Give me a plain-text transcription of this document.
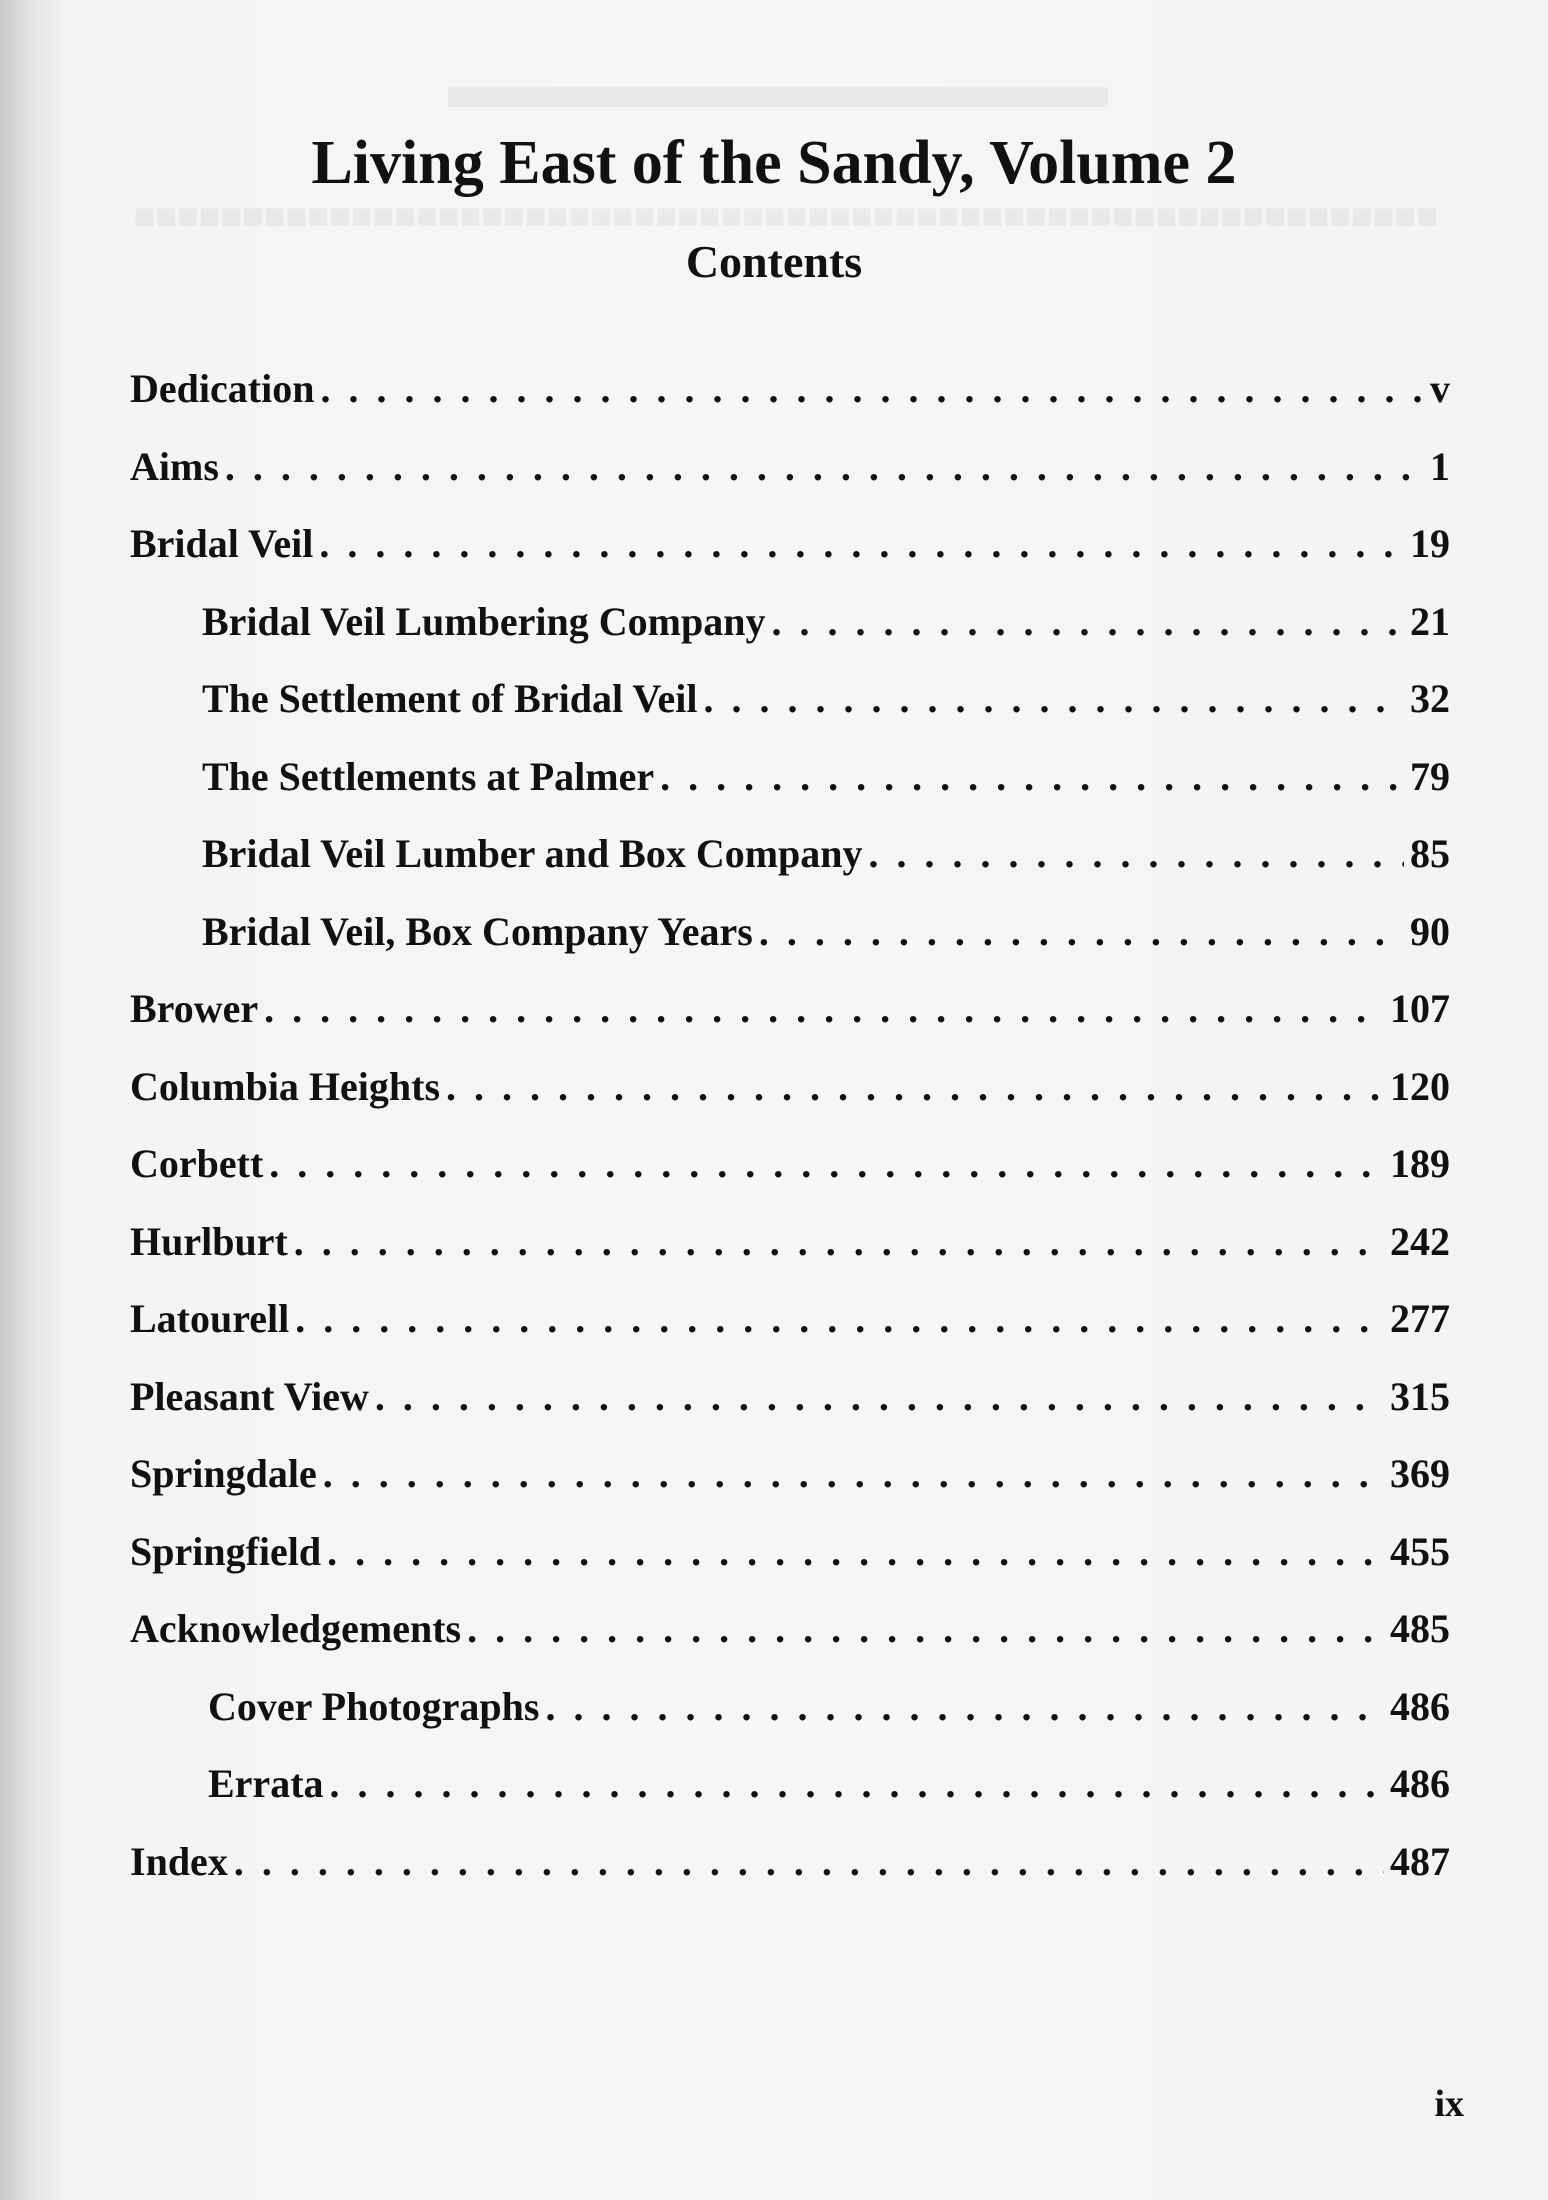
▬▬▬▬▬▬▬▬▬▬
■■■■■■■■■■■■■■■■■■■■■■■■■■■■■■■■■■■■■■■■■■■■■■■■■■■■■■■■■■■■
Living East of the Sandy, Volume 2
Contents
Dedication . . .	v
Aims . . .	1
Bridal Veil . . .	19
Bridal Veil Lumbering Company . . .	21
The Settlement of Bridal Veil . . .	32
The Settlements at Palmer . . .	79
Bridal Veil Lumber and Box Company . . .	85
Bridal Veil, Box Company Years . . .	90
Brower . . .	107
Columbia Heights . . .	120
Corbett . . .	189
Hurlburt . . .	242
Latourell . . .	277
Pleasant View . . .	315
Springdale . . .	369
Springfield . . .	455
Acknowledgements . . .	485
Cover Photographs . . .	486
Errata . . .	486
Index . . .	487
ix
